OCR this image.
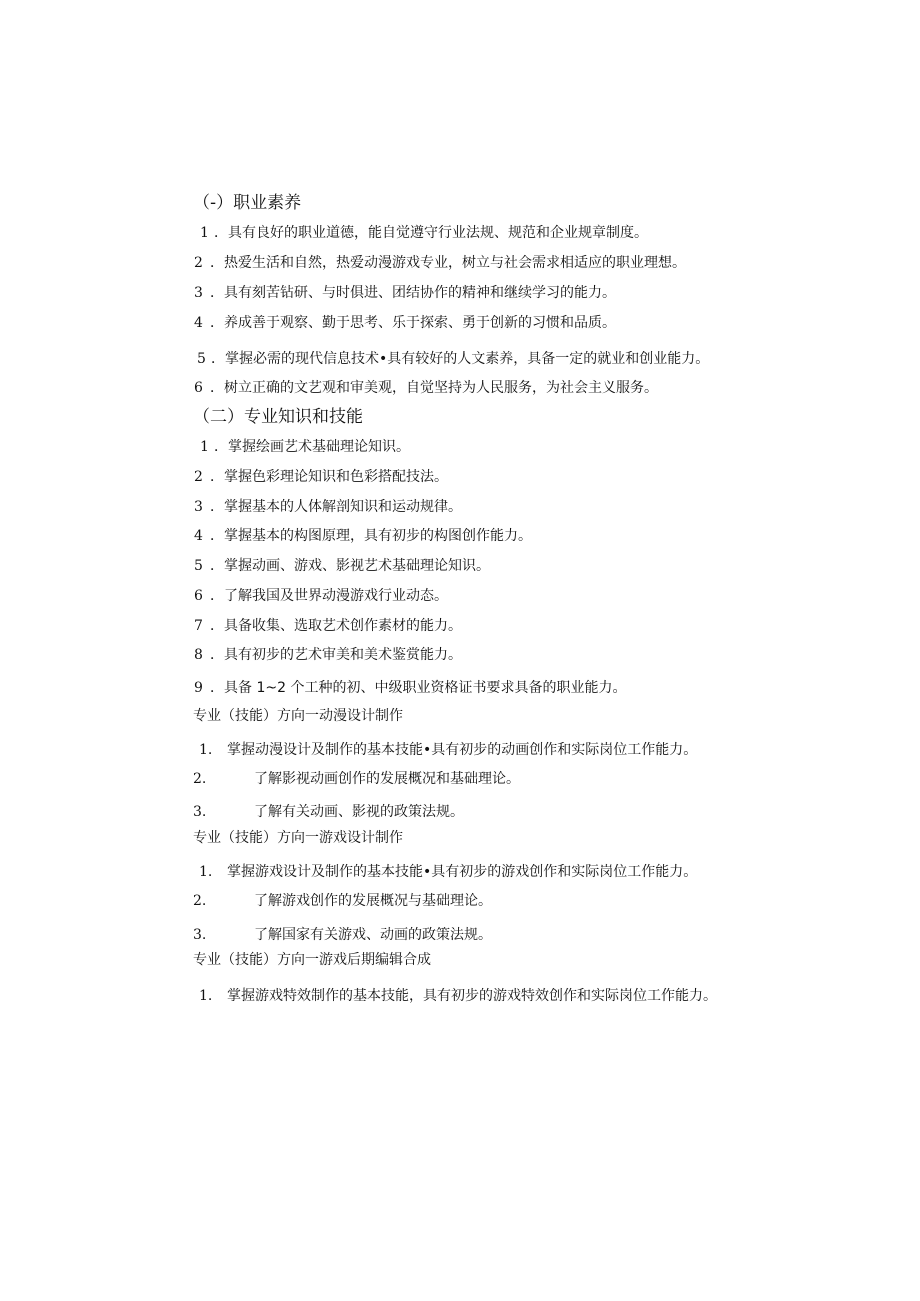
（-）职业素养
1 ．具有良好的职业道德，能自觉遵守行业法规、规范和企业规章制度。
2 ．热爱生活和自然，热爱动漫游戏专业，树立与社会需求相适应的职业理想。
3 ．具有刻苦钻研、与时俱进、团结协作的精神和继续学习的能力。
4 ．养成善于观察、勤于思考、乐于探索、勇于创新的习惯和品质。
5 ．掌握必需的现代信息技术•具有较好的人文素养，具备一定的就业和创业能力。
6 ．树立正确的文艺观和审美观，自觉坚持为人民服务，为社会主义服务。
（二）专业知识和技能
1 ．掌握绘画艺术基础理论知识。
2 ．掌握色彩理论知识和色彩搭配技法。
3 ．掌握基本的人体解剖知识和运动规律。
4 ．掌握基本的构图原理，具有初步的构图创作能力。
5 ．掌握动画、游戏、影视艺术基础理论知识。
6 ．了解我国及世界动漫游戏行业动态。
7 ．具备收集、选取艺术创作素材的能力。
8 ．具有初步的艺术审美和美术鉴赏能力。
9 ．具备 1~2 个工种的初、中级职业资格证书要求具备的职业能力。
专业（技能）方向一动漫设计制作
1. 掌握动漫设计及制作的基本技能•具有初步的动画创作和实际岗位工作能力。
2.	了解影视动画创作的发展概况和基础理论。
3.	了解有关动画、影视的政策法规。
专业（技能）方向一游戏设计制作
1. 掌握游戏设计及制作的基本技能•具有初步的游戏创作和实际岗位工作能力。
2.	了解游戏创作的发展概况与基础理论。
3.	了解国家有关游戏、动画的政策法规。
专业（技能）方向一游戏后期编辑合成
1. 掌握游戏特效制作的基本技能，具有初步的游戏特效创作和实际岗位工作能力。
